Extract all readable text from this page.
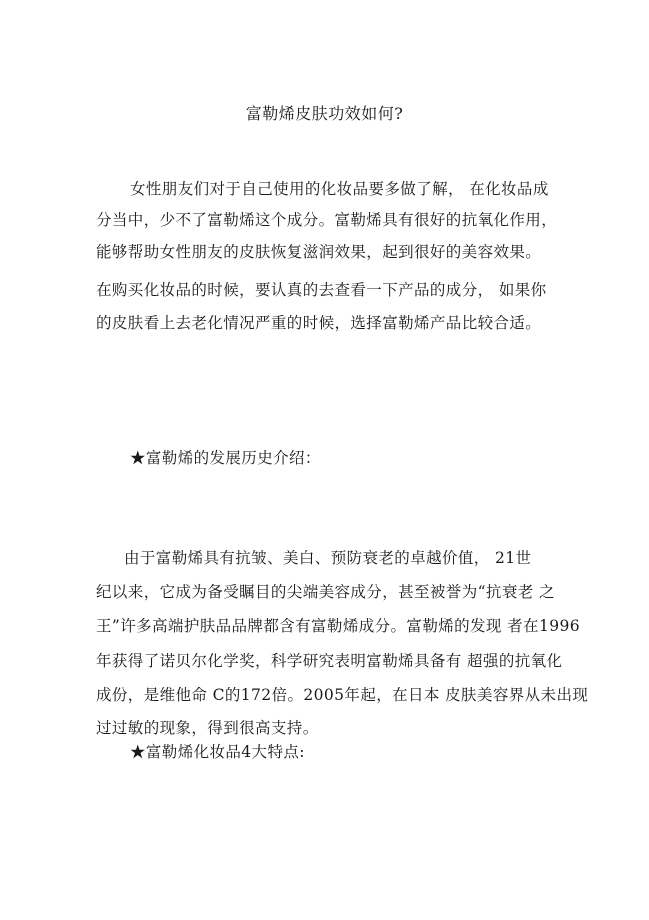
富勒烯皮肤功效如何?
女性朋友们对于自己使用的化妆品要多做了解， 在化妆品成
分当中，少不了富勒烯这个成分。富勒烯具有很好的抗氧化作用，
能够帮助女性朋友的皮肤恢复滋润效果，起到很好的美容效果。
在购买化妆品的时候，要认真的去查看一下产品的成分， 如果你
的皮肤看上去老化情况严重的时候，选择富勒烯产品比较合适。
★富勒烯的发展历史介绍：
由于富勒烯具有抗皱、美白、预防衰老的卓越价值， 21世
纪以来，它成为备受瞩目的尖端美容成分，甚至被誉为“抗衰老 之
王”许多高端护肤品品牌都含有富勒烯成分。富勒烯的发现 者在1996
年获得了诺贝尔化学奖，科学研究表明富勒烯具备有 超强的抗氧化
成份，是维他命 C的172倍。2005年起，在日本 皮肤美容界从未出现
过过敏的现象，得到很高支持。
★富勒烯化妆品4大特点:
